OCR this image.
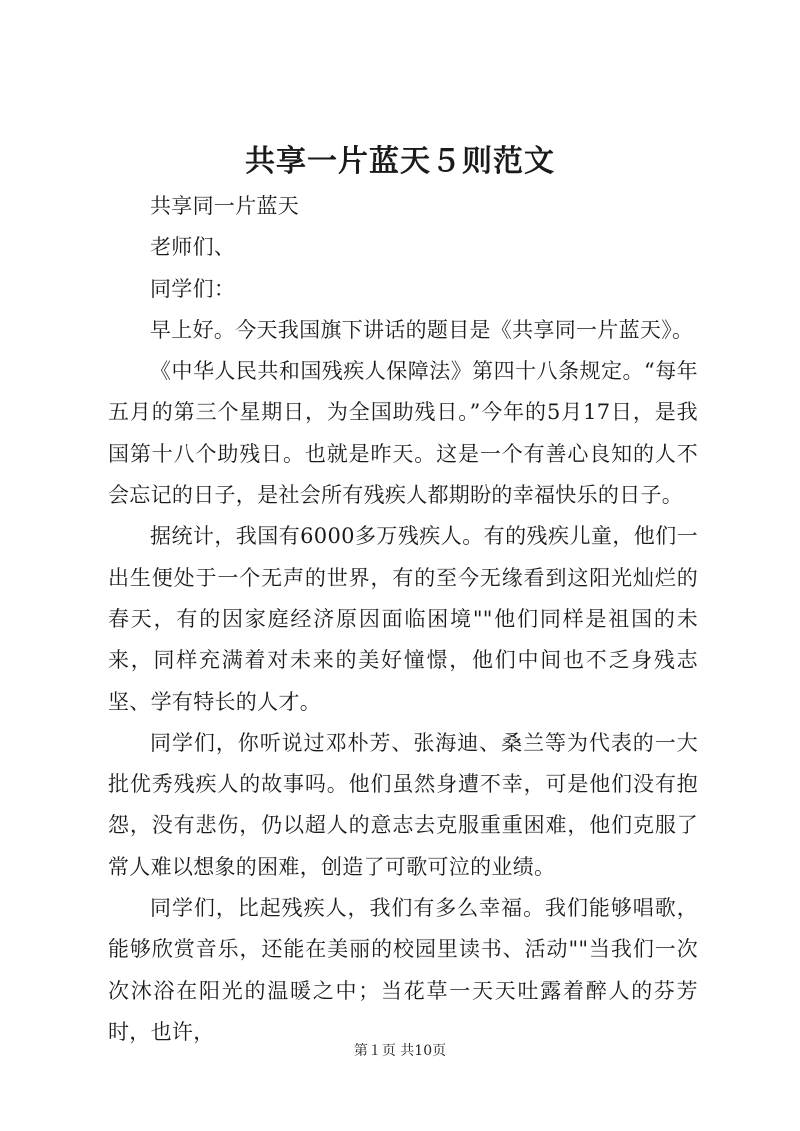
共享一片蓝天５则范文

共享同一片蓝天

老师们、

同学们：

早上好。今天我国旗下讲话的题目是《共享同一片蓝天》。

《中华人民共和国残疾人保障法》第四十八条规定。“每年五月的第三个星期日，为全国助残日。”今年的5月17日，是我国第十八个助残日。也就是昨天。这是一个有善心良知的人不会忘记的日子，是社会所有残疾人都期盼的幸福快乐的日子。

据统计，我国有6000多万残疾人。有的残疾儿童，他们一出生便处于一个无声的世界，有的至今无缘看到这阳光灿烂的春天，有的因家庭经济原因面临困境""他们同样是祖国的未来，同样充满着对未来的美好憧憬，他们中间也不乏身残志坚、学有特长的人才。

同学们，你听说过邓朴芳、张海迪、桑兰等为代表的一大批优秀残疾人的故事吗。他们虽然身遭不幸，可是他们没有抱怨，没有悲伤，仍以超人的意志去克服重重困难，他们克服了常人难以想象的困难，创造了可歌可泣的业绩。

同学们，比起残疾人，我们有多么幸福。我们能够唱歌，能够欣赏音乐，还能在美丽的校园里读书、活动""当我们一次次沐浴在阳光的温暖之中；当花草一天天吐露着醉人的芬芳时，也许，

第１页 共10页
